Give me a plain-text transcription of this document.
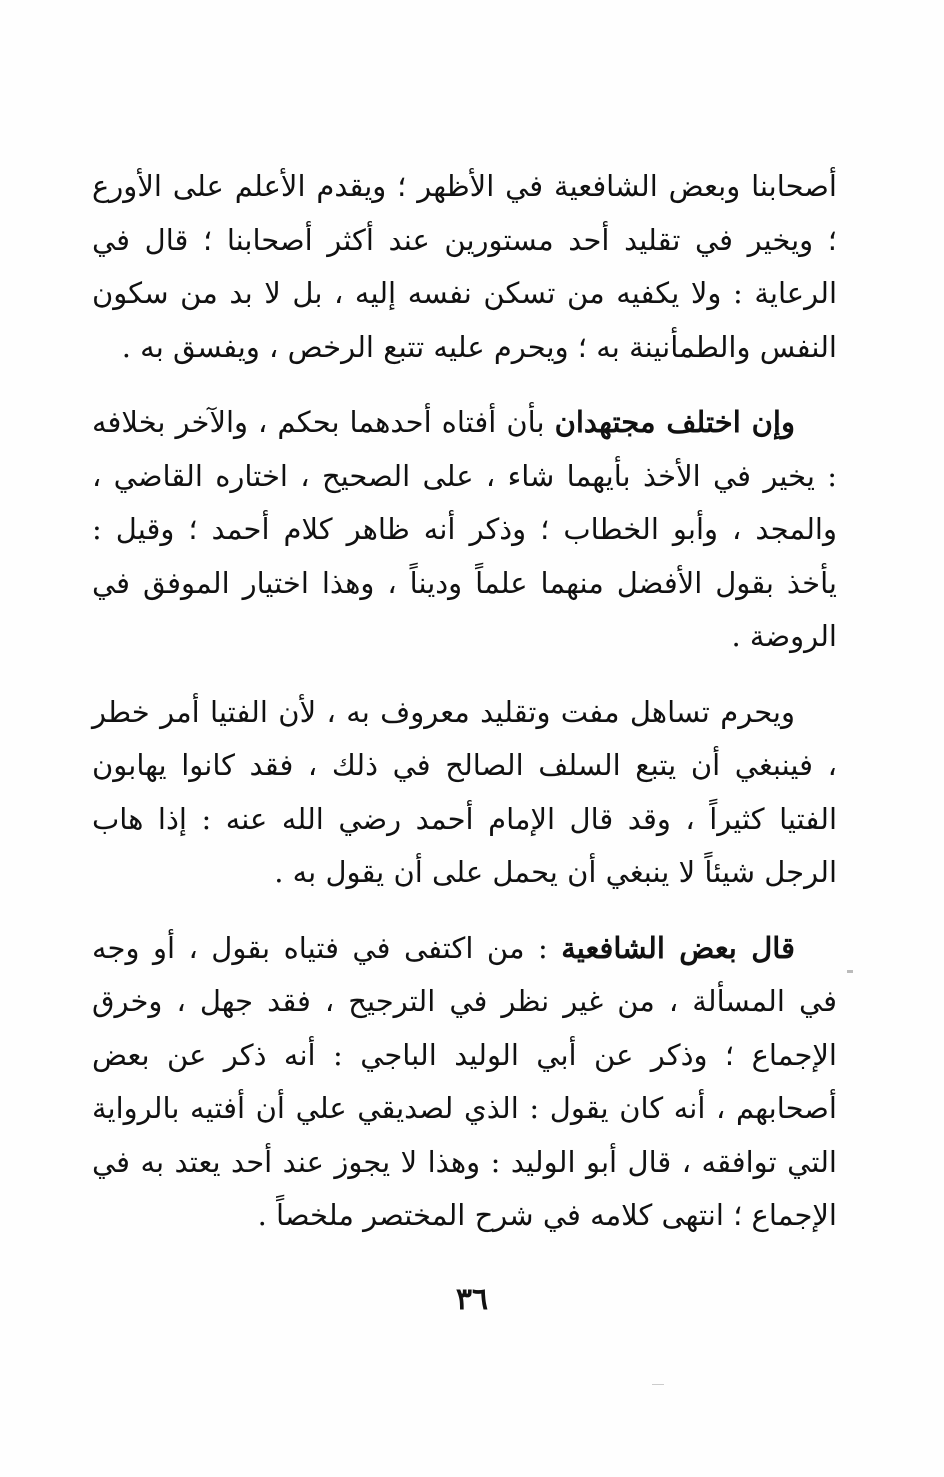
أصحابنا وبعض الشافعية في الأظهر ؛ ويقدم الأعلم على الأورع ؛ ويخير في تقليد أحد مستورين عند أكثر أصحابنا ؛ قال في الرعاية : ولا يكفيه من تسكن نفسه إليه ، بل لا بد من سكون النفس والطمأنينة به ؛ ويحرم عليه تتبع الرخص ، ويفسق به .

وإن اختلف مجتهدان بأن أفتاه أحدهما بحكم ، والآخر بخلافه : يخير في الأخذ بأيهما شاء ، على الصحيح ، اختاره القاضي ، والمجد ، وأبو الخطاب ؛ وذكر أنه ظاهر كلام أحمد ؛ وقيل : يأخذ بقول الأفضل منهما علماً وديناً ، وهذا اختيار الموفق في الروضة .

ويحرم تساهل مفت وتقليد معروف به ، لأن الفتيا أمر خطر ، فينبغي أن يتبع السلف الصالح في ذلك ، فقد كانوا يهابون الفتيا كثيراً ، وقد قال الإمام أحمد رضي الله عنه : إذا هاب الرجل شيئاً لا ينبغي أن يحمل على أن يقول به .

قال بعض الشافعية : من اكتفى في فتياه بقول ، أو وجه في المسألة ، من غير نظر في الترجيح ، فقد جهل ، وخرق الإجماع ؛ وذكر عن أبي الوليد الباجي : أنه ذكر عن بعض أصحابهم ، أنه كان يقول : الذي لصديقي علي أن أفتيه بالرواية التي توافقه ، قال أبو الوليد : وهذا لا يجوز عند أحد يعتد به في الإجماع ؛ انتهى كلامه في شرح المختصر ملخصاً .

٣٦
